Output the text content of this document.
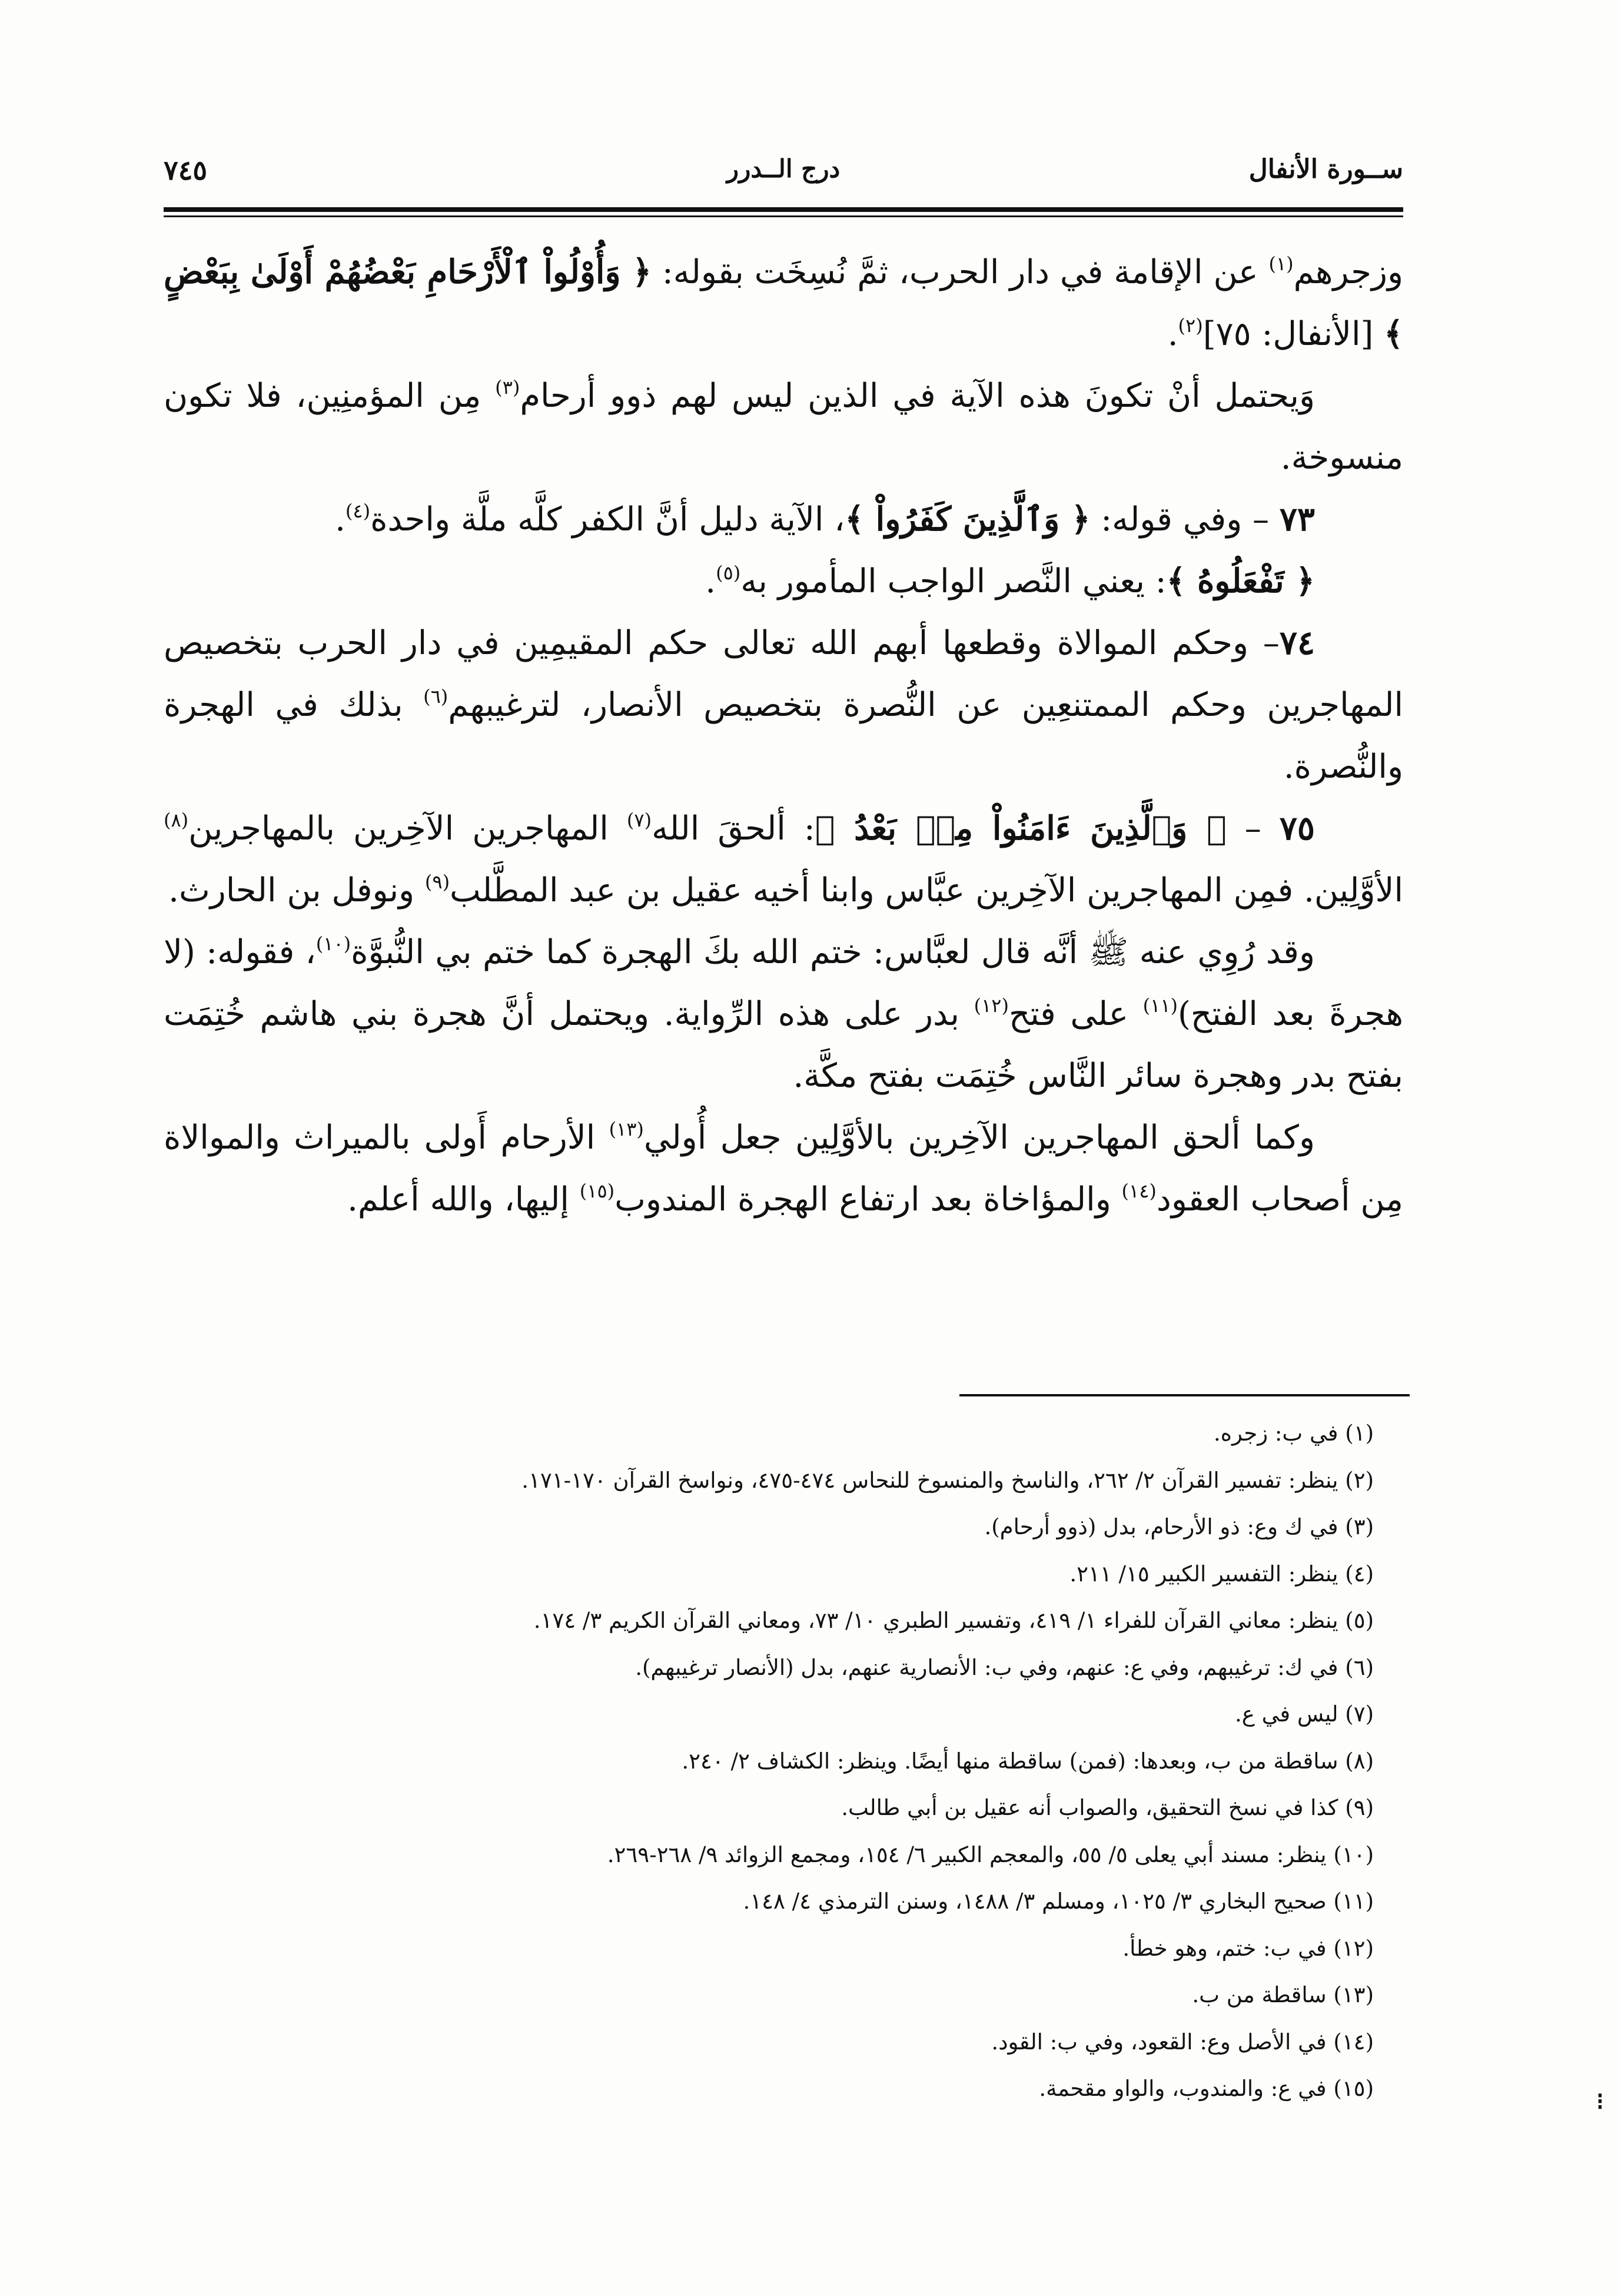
ســورة الأنفال
درج الــدرر
٧٤٥

وزجرهم$^{(١)}$ عن الإقامة في دار الحرب، ثمَّ نُسِخَت بقوله: ﴿ وَأُوْلُواْ ٱلْأَرْحَامِ بَعْضُهُمْ أَوْلَىٰ بِبَعْضٍ ﴾ [الأنفال: ٧٥]$^{(٢)}$.

وَيحتمل أنْ تكونَ هذه الآية في الذين ليس لهم ذوو أرحام$^{(٣)}$ مِن المؤمنِين، فلا تكون منسوخة.

٧٣ – وفي قوله: ﴿ وَٱلَّذِينَ كَفَرُواْ ﴾، الآية دليل أنَّ الكفر كلَّه ملَّة واحدة$^{(٤)}$.

﴿ تَفْعَلُوهُ ﴾: يعني النَّصر الواجب المأمور به$^{(٥)}$.

٧٤– وحكم الموالاة وقطعها أبهم الله تعالى حكم المقيمِين في دار الحرب بتخصيص المهاجرين وحكم الممتنعِين عن النُّصرة بتخصيص الأنصار، لترغيبهم$^{(٦)}$ بذلك في الهجرة والنُّصرة.

٧٥ – ﴿ وَٱلَّذِينَ ءَامَنُواْ مِنۢ بَعْدُ ﴾: ألحقَ الله$^{(٧)}$ المهاجرين الآخِرين بالمهاجرين$^{(٨)}$ الأوَّلِين. فمِن المهاجرين الآخِرين عبَّاس وابنا أخيه عقيل بن عبد المطَّلب$^{(٩)}$ ونوفل بن الحارث.

وقد رُوِي عنه ﷺ أنَّه قال لعبَّاس: ختم الله بكَ الهجرة كما ختم بي النُّبوَّة$^{(١٠)}$، فقوله: (لا هجرةَ بعد الفتح)$^{(١١)}$ على فتح$^{(١٢)}$ بدر على هذه الرِّواية. ويحتمل أنَّ هجرة بني هاشم خُتِمَت بفتح بدر وهجرة سائر النَّاس خُتِمَت بفتح مكَّة.

وكما ألحق المهاجرين الآخِرين بالأوَّلِين جعل أُولي$^{(١٣)}$ الأرحام أَولى بالميراث والموالاة مِن أصحاب العقود$^{(١٤)}$ والمؤاخاة بعد ارتفاع الهجرة المندوب$^{(١٥)}$ إليها، والله أعلم.

(١) في ب: زجره.
(٢) ينظر: تفسير القرآن ٢/ ٢٦٢، والناسخ والمنسوخ للنحاس ٤٧٤-٤٧٥، ونواسخ القرآن ١٧٠-١٧١.
(٣) في ك وع: ذو الأرحام، بدل (ذوو أرحام).
(٤) ينظر: التفسير الكبير ١٥/ ٢١١.
(٥) ينظر: معاني القرآن للفراء ١/ ٤١٩، وتفسير الطبري ١٠/ ٧٣، ومعاني القرآن الكريم ٣/ ١٧٤.
(٦) في ك: ترغيبهم، وفي ع: عنهم، وفي ب: الأنصارية عنهم، بدل (الأنصار ترغيبهم).
(٧) ليس في ع.
(٨) ساقطة من ب، وبعدها: (فمن) ساقطة منها أيضًا. وينظر: الكشاف ٢/ ٢٤٠.
(٩) كذا في نسخ التحقيق، والصواب أنه عقيل بن أبي طالب.
(١٠) ينظر: مسند أبي يعلى ٥/ ٥٥، والمعجم الكبير ٦/ ١٥٤، ومجمع الزوائد ٩/ ٢٦٨-٢٦٩.
(١١) صحيح البخاري ٣/ ١٠٢٥، ومسلم ٣/ ١٤٨٨، وسنن الترمذي ٤/ ١٤٨.
(١٢) في ب: ختم، وهو خطأ.
(١٣) ساقطة من ب.
(١٤) في الأصل وع: القعود، وفي ب: القود.
(١٥) في ع: والمندوب، والواو مقحمة.	⁝
